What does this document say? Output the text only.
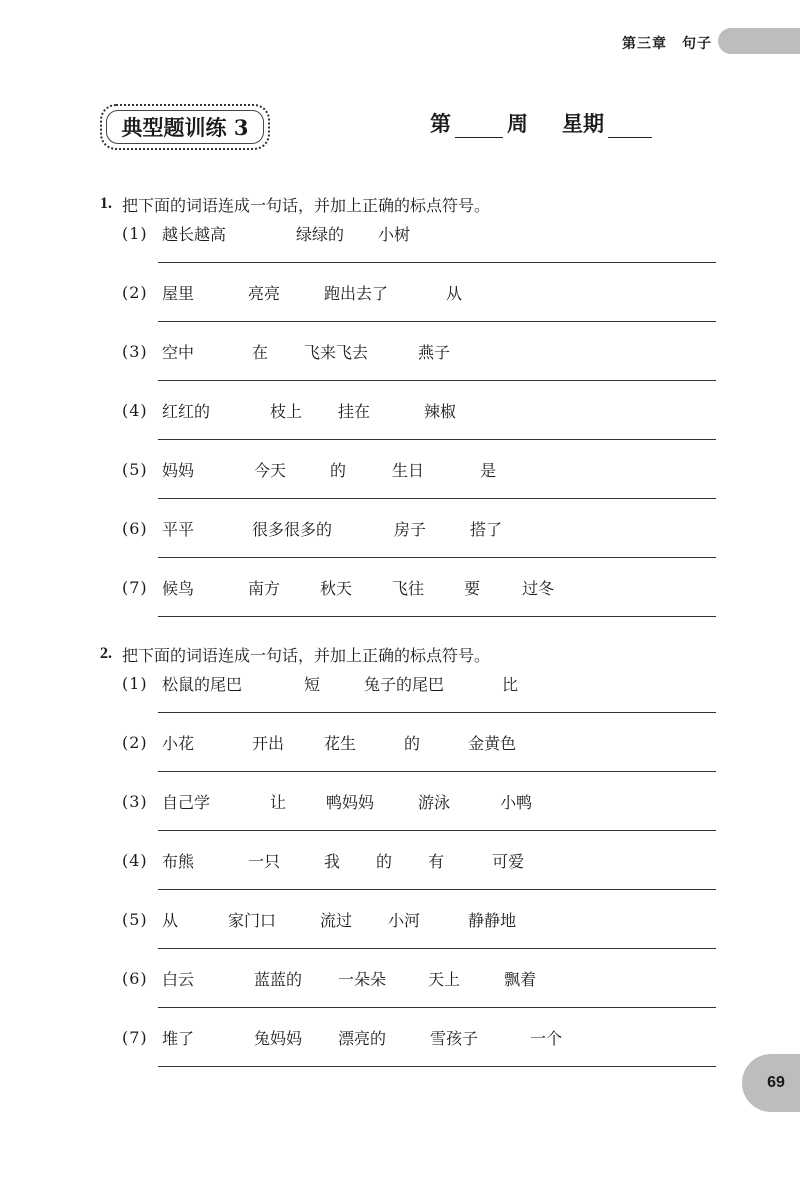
第三章　句子
典型题训练 3	第	周 星期
1. 把下面的词语连成一句话，并加上正确的标点符号。
(1) 越长越高	绿绿的 小树
(2) 屋里	亮亮	跑出去了	从
(3) 空中	在 飞来飞去	燕子
(4) 红红的	枝上 挂在	辣椒
(5) 妈妈	今天	的	生日	是
(6) 平平	很多很多的	房子	搭了
(7) 候鸟	南方	秋天	飞往	要	过冬
2. 把下面的词语连成一句话，并加上正确的标点符号。
(1) 松鼠的尾巴	短	兔子的尾巴	比
(2) 小花	开出	花生	的	金黄色
(3) 自己学	让	鸭妈妈	游泳	小鸭
(4) 布熊	一只	我 的 有	可爱
(5) 从	家门口	流过 小河	静静地
(6) 白云	蓝蓝的 一朵朵	天上	飘着
(7) 堆了	兔妈妈 漂亮的	雪孩子	一个
69
